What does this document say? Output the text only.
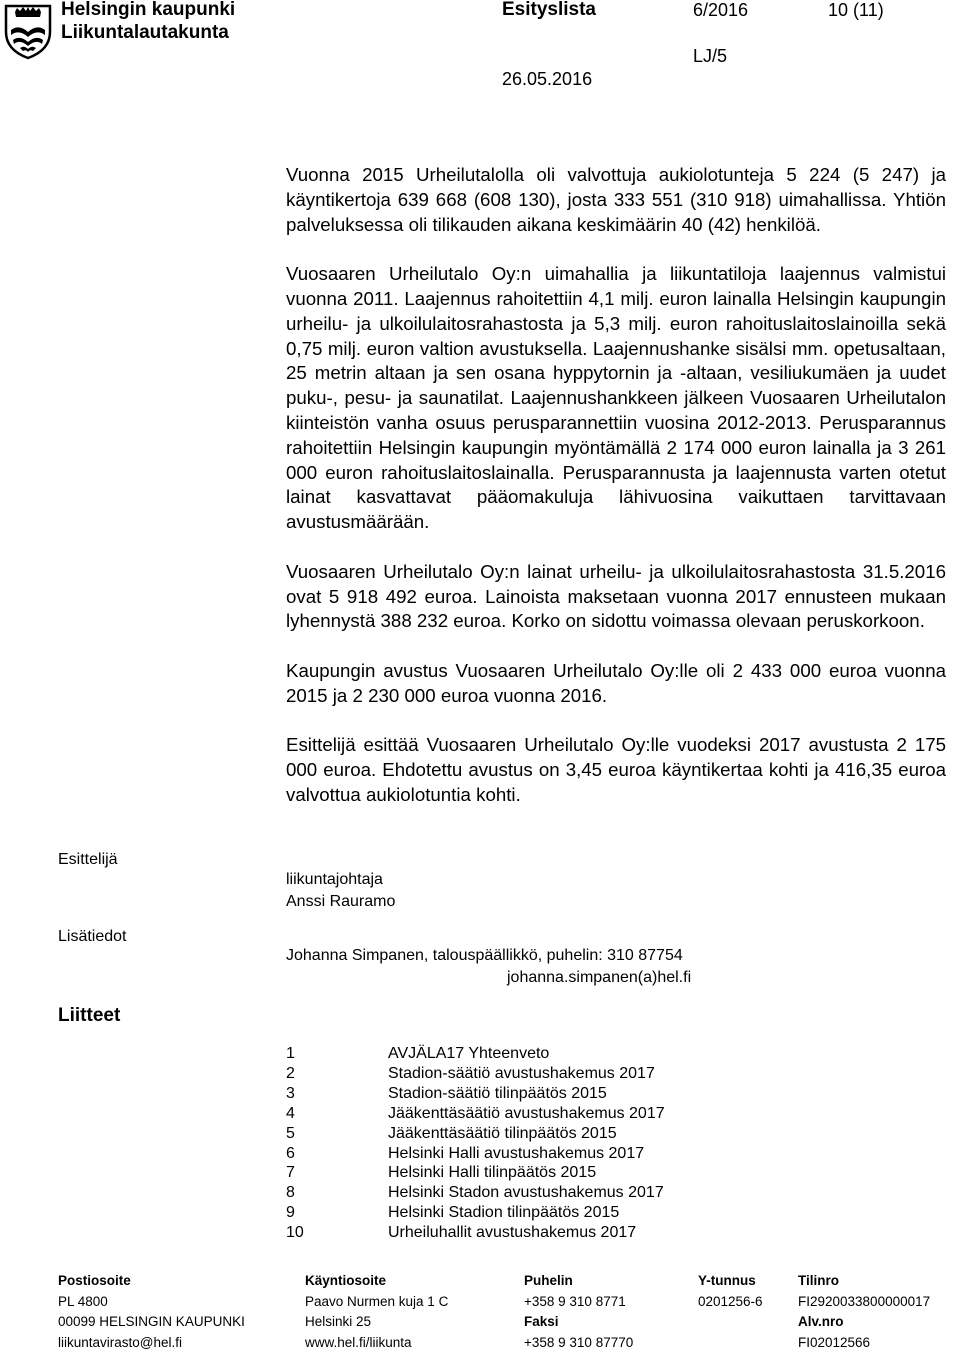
Helsingin kaupunki
Liikuntalautakunta
Esityslista	6/2016	10 (11)
LJ/5
26.05.2016

Vuonna 2015 Urheilutalolla oli valvottuja aukiolotunteja 5 224 (5 247) ja käyntikertoja 639 668 (608 130), josta 333 551 (310 918) uimahallissa. Yhtiön palveluksessa oli tilikauden aikana keskimäärin 40 (42) henkilöä.

Vuosaaren Urheilutalo Oy:n uimahallia ja liikuntatiloja laajennus valmistui vuonna 2011. Laajennus rahoitettiin 4,1 milj. euron lainalla Helsingin kaupungin urheilu- ja ulkoilulaitosrahastosta ja 5,3 milj. euron rahoituslaitoslainoilla sekä 0,75 milj. euron valtion avustuksella. Laajennushanke sisälsi mm. opetusaltaan, 25 metrin altaan ja sen osana hyppytornin ja -altaan, vesiliukumäen ja uudet puku-, pesu- ja saunatilat. Laajennushankkeen jälkeen Vuosaaren Urheilutalon kiinteistön vanha osuus perusparannettiin vuosina 2012-2013. Perusparannus rahoitettiin Helsingin kaupungin myöntämällä 2 174 000 euron lainalla ja 3 261 000 euron rahoituslaitoslainalla. Perusparannusta ja laajennusta varten otetut lainat kasvattavat pääomakuluja lähivuosina vaikuttaen tarvittavaan avustusmäärään.

Vuosaaren Urheilutalo Oy:n lainat urheilu- ja ulkoilulaitosrahastosta 31.5.2016 ovat 5 918 492 euroa. Lainoista maksetaan vuonna 2017 ennusteen mukaan lyhennystä 388 232 euroa. Korko on sidottu voimassa olevaan peruskorkoon.

Kaupungin avustus Vuosaaren Urheilutalo Oy:lle oli 2 433 000 euroa vuonna 2015 ja 2 230 000 euroa vuonna 2016.

Esittelijä esittää Vuosaaren Urheilutalo Oy:lle vuodeksi 2017 avustusta 2 175 000 euroa. Ehdotettu avustus on 3,45 euroa käyntikertaa kohti ja 416,35 euroa valvottua aukiolotuntia kohti.

Esittelijä
liikuntajohtaja
Anssi Rauramo
Lisätiedot
Johanna Simpanen, talouspäällikkö, puhelin: 310 87754
johanna.simpanen(a)hel.fi
Liitteet
1	AVJÄLA17 Yhteenveto
2	Stadion-säätiö avustushakemus 2017
3	Stadion-säätiö tilinpäätös 2015
4	Jääkenttäsäätiö avustushakemus 2017
5	Jääkenttäsäätiö tilinpäätös 2015
6	Helsinki Halli avustushakemus 2017
7	Helsinki Halli tilinpäätös 2015
8	Helsinki Stadon avustushakemus 2017
9	Helsinki Stadion tilinpäätös 2015
10	Urheiluhallit avustushakemus 2017
Postiosoite
PL 4800
00099 HELSINGIN KAUPUNKI
liikuntavirasto@hel.fi
Käyntiosoite
Paavo Nurmen kuja 1 C
Helsinki 25
www.hel.fi/liikunta
Puhelin
+358 9 310 8771
Faksi
+358 9 310 87770
Y-tunnus
0201256-6
Tilinro
FI2920033800000017
Alv.nro
FI02012566
